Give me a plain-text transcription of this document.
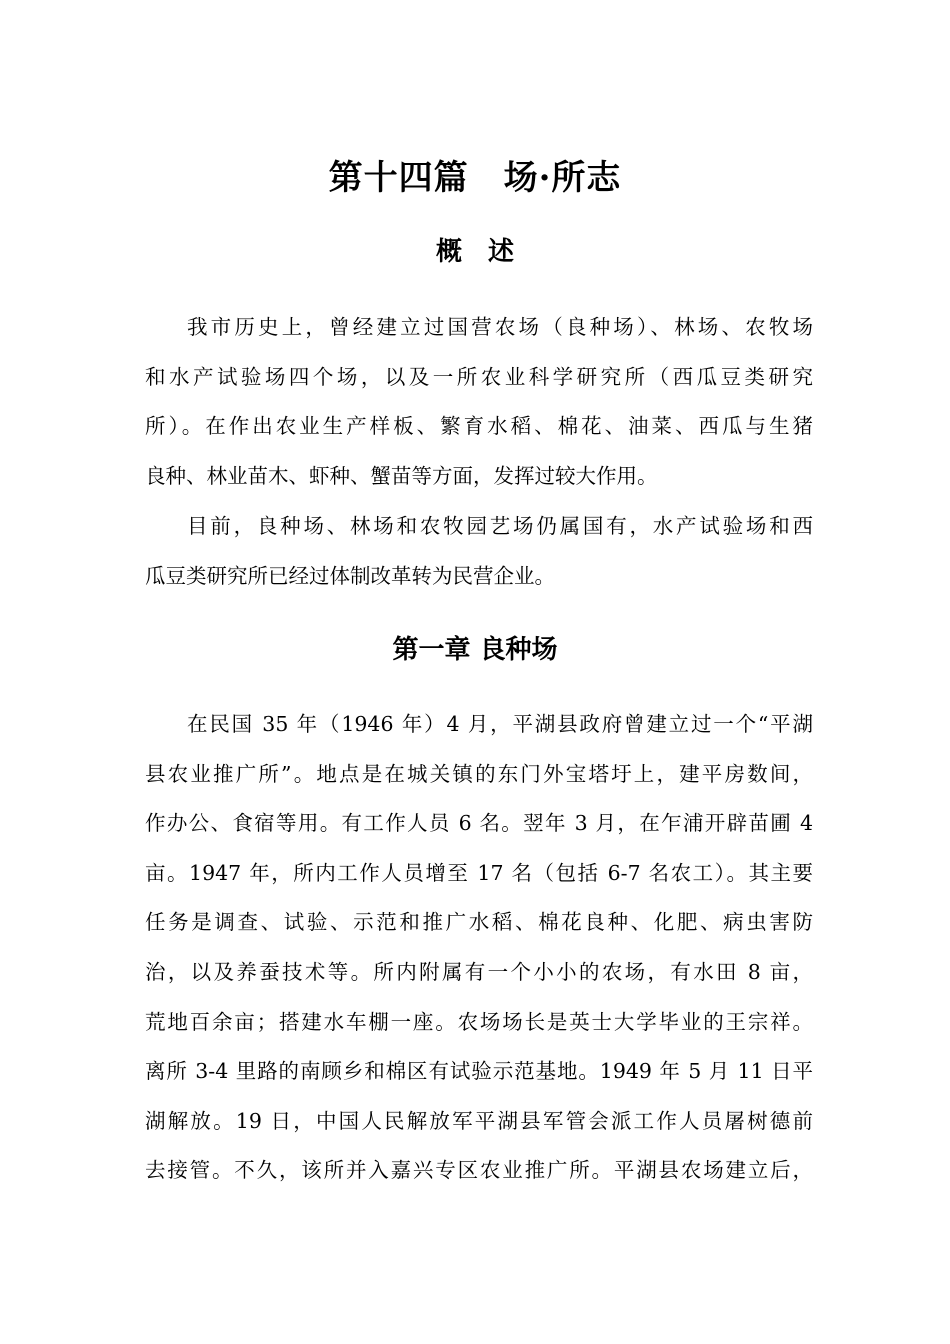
第十四篇　场·所志
概　述
我市历史上，曾经建立过国营农场（良种场）、林场、农牧场
和水产试验场四个场，以及一所农业科学研究所（西瓜豆类研究
所）。在作出农业生产样板、繁育水稻、棉花、油菜、西瓜与生猪
良种、林业苗木、虾种、蟹苗等方面，发挥过较大作用。
目前，良种场、林场和农牧园艺场仍属国有，水产试验场和西
瓜豆类研究所已经过体制改革转为民营企业。
第一章 良种场
在民国 35 年（1946 年）4 月，平湖县政府曾建立过一个“平湖
县农业推广所”。地点是在城关镇的东门外宝塔圩上，建平房数间，
作办公、食宿等用。有工作人员 6 名。翌年 3 月，在乍浦开辟苗圃 4
亩。1947 年，所内工作人员增至 17 名（包括 6-7 名农工）。其主要
任务是调查、试验、示范和推广水稻、棉花良种、化肥、病虫害防
治，以及养蚕技术等。所内附属有一个小小的农场，有水田 8 亩，
荒地百余亩；搭建水车棚一座。农场场长是英士大学毕业的王宗祥。
离所 3-4 里路的南顾乡和棉区有试验示范基地。1949 年 5 月 11 日平
湖解放。19 日，中国人民解放军平湖县军管会派工作人员屠树德前
去接管。不久，该所并入嘉兴专区农业推广所。平湖县农场建立后，
